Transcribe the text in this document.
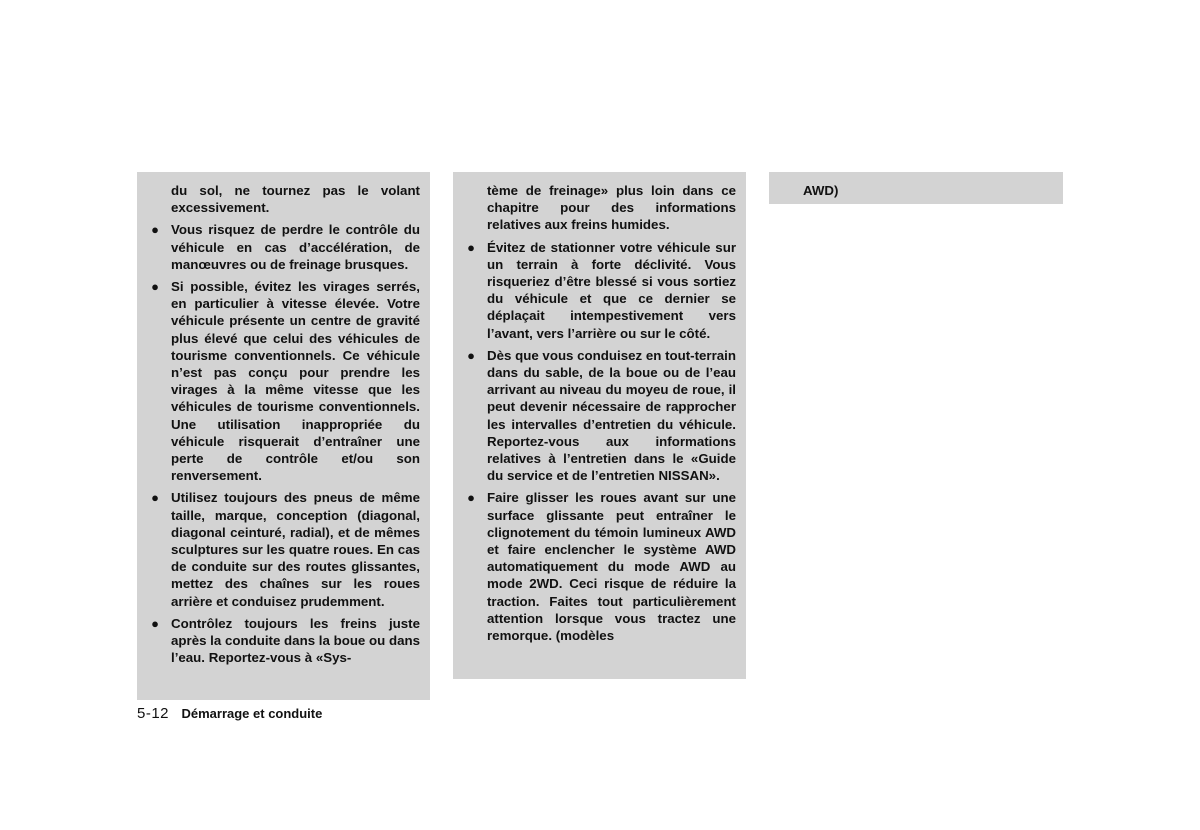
du sol, ne tournez pas le volant excessivement.

● Vous risquez de perdre le contrôle du véhicule en cas d’accélération, de manœuvres ou de freinage brusques.
● Si possible, évitez les virages serrés, en particulier à vitesse élevée. Votre véhicule présente un centre de gravité plus élevé que celui des véhicules de tourisme conventionnels. Ce véhicule n’est pas conçu pour prendre les virages à la même vitesse que les véhicules de tourisme conventionnels. Une utilisation inappropriée du véhicule risquerait d’entraîner une perte de contrôle et/ou son renversement.
● Utilisez toujours des pneus de même taille, marque, conception (diagonal, diagonal ceinturé, radial), et de mêmes sculptures sur les quatre roues. En cas de conduite sur des routes glissantes, mettez des chaînes sur les roues arrière et conduisez prudemment.
● Contrôlez toujours les freins juste après la conduite dans la boue ou dans l’eau. Reportez-vous à «Sys-

tème de freinage» plus loin dans ce chapitre pour des informations relatives aux freins humides.

● Évitez de stationner votre véhicule sur un terrain à forte déclivité. Vous risqueriez d’être blessé si vous sortiez du véhicule et que ce dernier se déplaçait intempestivement vers l’avant, vers l’arrière ou sur le côté.
● Dès que vous conduisez en tout-terrain dans du sable, de la boue ou de l’eau arrivant au niveau du moyeu de roue, il peut devenir nécessaire de rapprocher les intervalles d’entretien du véhicule. Reportez-vous aux informations relatives à l’entretien dans le «Guide du service et de l’entretien NISSAN».
● Faire glisser les roues avant sur une surface glissante peut entraîner le clignotement du témoin lumineux AWD et faire enclencher le système AWD automatiquement du mode AWD au mode 2WD. Ceci risque de réduire la traction. Faites tout particulièrement attention lorsque vous tractez une remorque. (modèles

AWD)

5-12 Démarrage et conduite
